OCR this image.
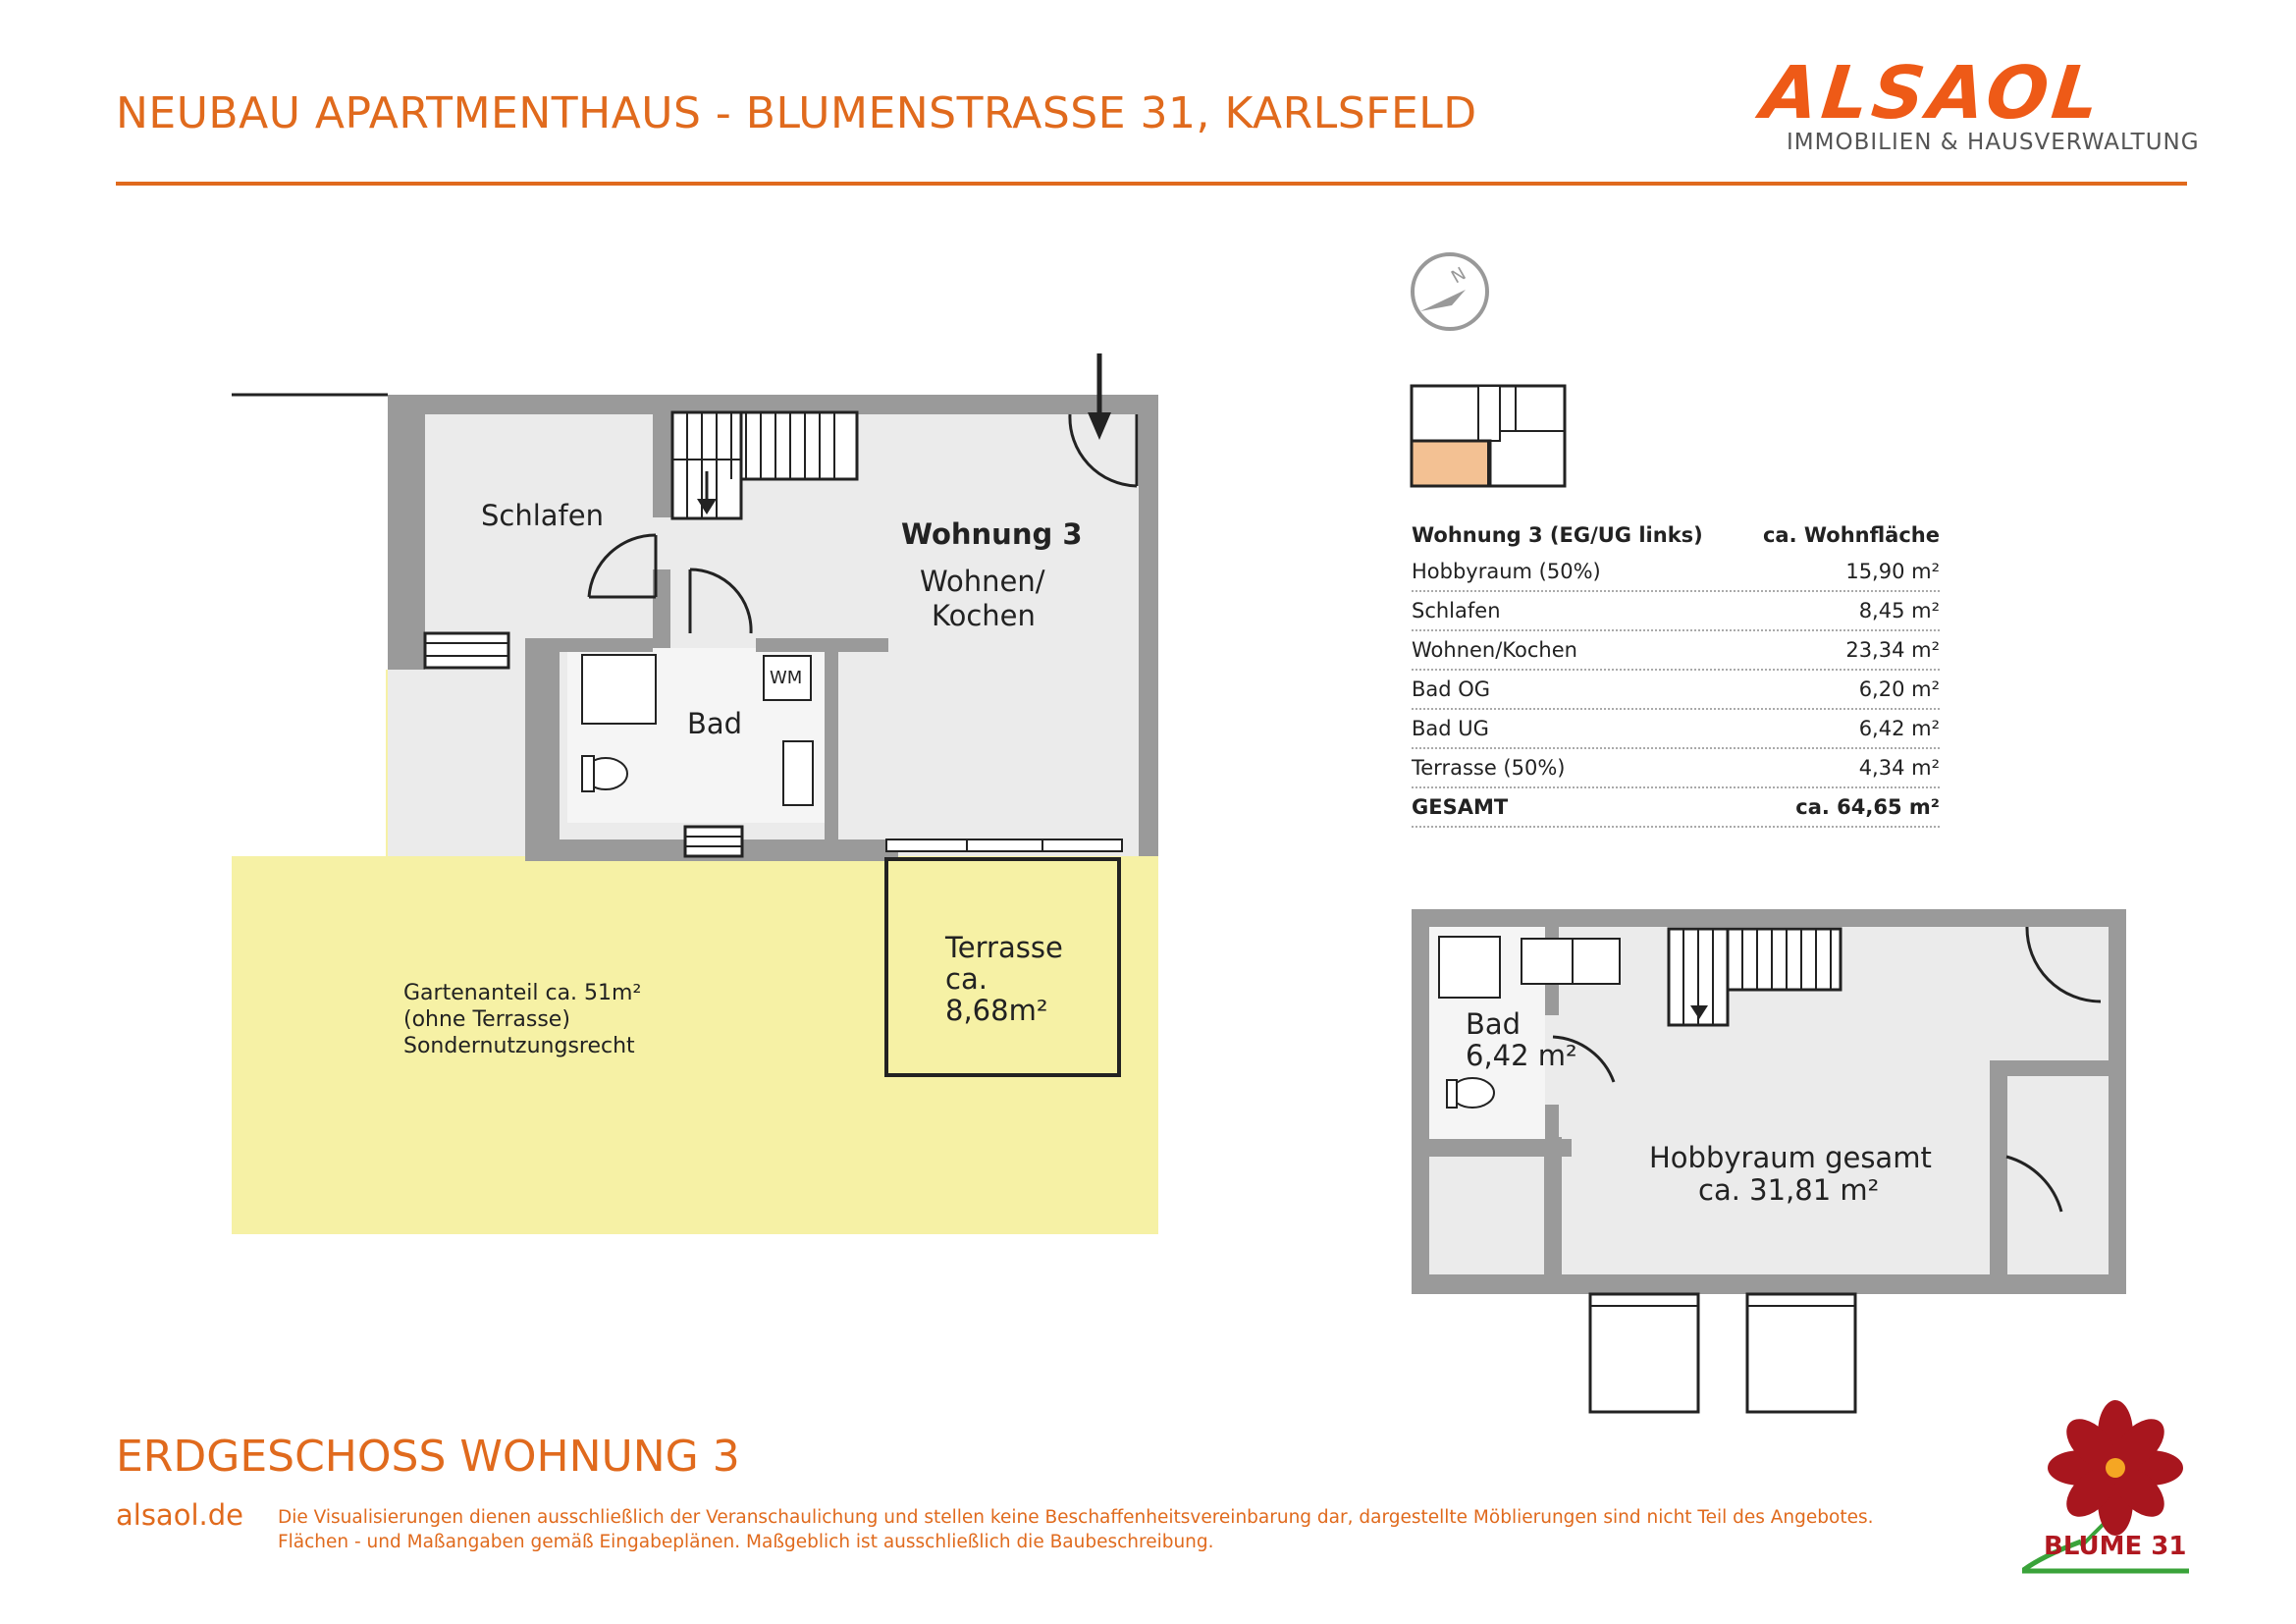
NEUBAU APARTMENTHAUS - BLUMENSTRASSE 31, KARLSFELD	ALSAOL
IMMOBILIEN & HAUSVERWALTUNG
Schlafen
Wohnung 3
Wohnen/
Kochen
Bad
WM
Terrasse
ca.
8,68m²
Gartenanteil ca. 51m²
(ohne Terrasse)
Sondernutzungsrecht
N
Wohnung 3 (EG/UG links)	ca. Wohnfläche
Hobbyraum (50%)	15,90 m²
Schlafen	8,45 m²
Wohnen/Kochen	23,34 m²
Bad OG	6,20 m²
Bad UG	6,42 m²
Terrasse (50%)	4,34 m²
GESAMT	ca. 64,65 m²
Bad
6,42 m²
Hobbyraum gesamt
ca. 31,81 m²
ERDGESCHOSS WOHNUNG 3
alsaol.de Die Visualisierungen dienen ausschließlich der Veranschaulichung und stellen keine Beschaffenheitsvereinbarung dar, dargestellte Möblierungen sind nicht Teil des Angebotes.
Flächen - und Maßangaben gemäß Eingabeplänen. Maßgeblich ist ausschließlich die Baubeschreibung.	BLUME 31
